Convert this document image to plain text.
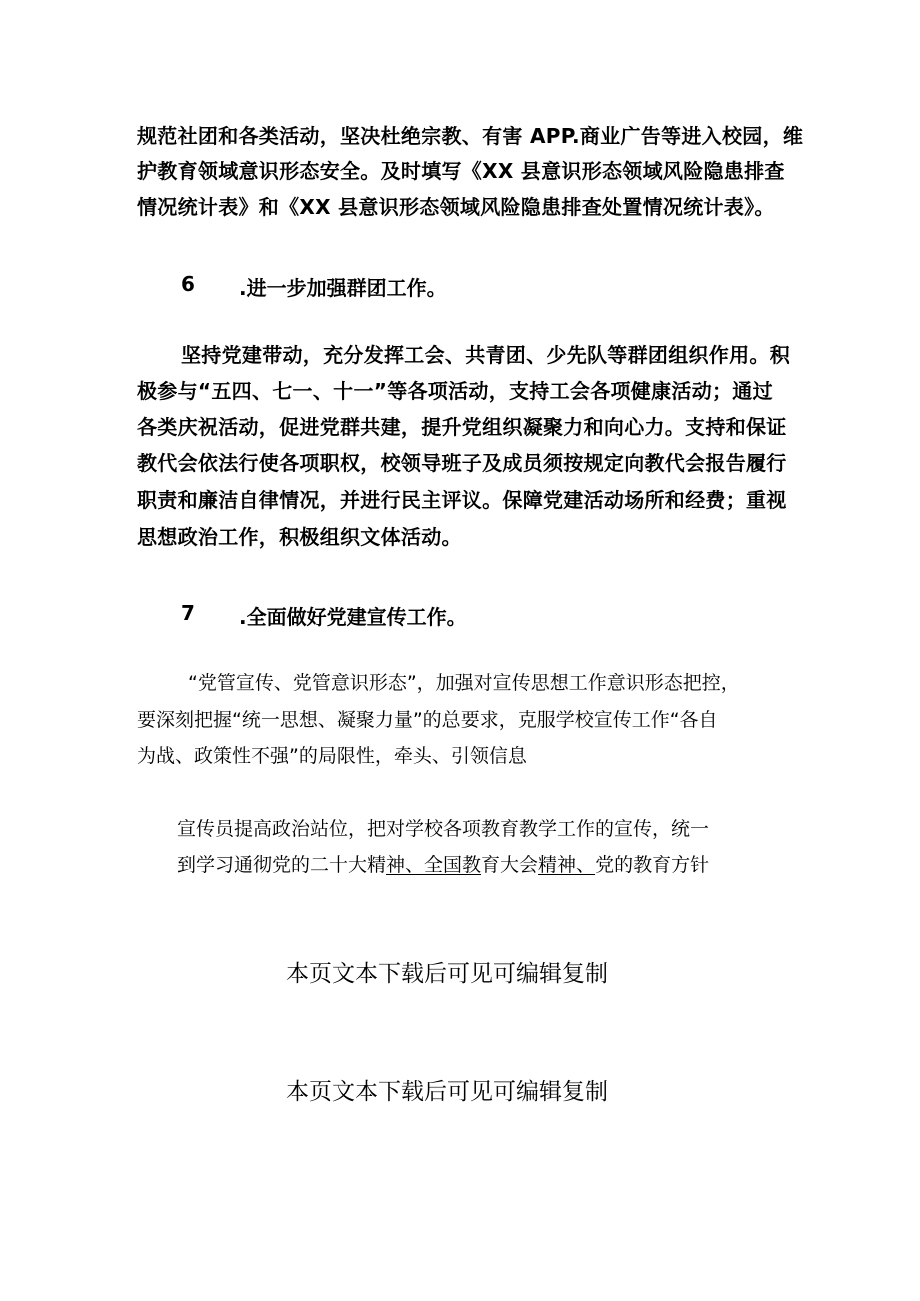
规范社团和各类活动，坚决杜绝宗教、有害 APP.商业广告等进入校园，维
护教育领域意识形态安全。及时填写《XX 县意识形态领域风险隐患排查
情况统计表》和《XX 县意识形态领域风险隐患排查处置情况统计表》。
6 .进一步加强群团工作。
坚持党建带动，充分发挥工会、共青团、少先队等群团组织作用。积
极参与“五四、七一、十一”等各项活动，支持工会各项健康活动；通过
各类庆祝活动，促进党群共建，提升党组织凝聚力和向心力。支持和保证
教代会依法行使各项职权，校领导班子及成员须按规定向教代会报告履行
职责和廉洁自律情况，并进行民主评议。保障党建活动场所和经费；重视
思想政治工作，积极组织文体活动。
7 .全面做好党建宣传工作。
“党管宣传、党管意识形态”，加强对宣传思想工作意识形态把控，
要深刻把握“统一思想、凝聚力量”的总要求，克服学校宣传工作“各自
为战、政策性不强”的局限性，牵头、引领信息
宣传员提高政治站位，把对学校各项教育教学工作的宣传，统一
到学习通彻党的二十大精神、全国教育大会精神、党的教育方针
本页文本下载后可见可编辑复制
本页文本下载后可见可编辑复制
